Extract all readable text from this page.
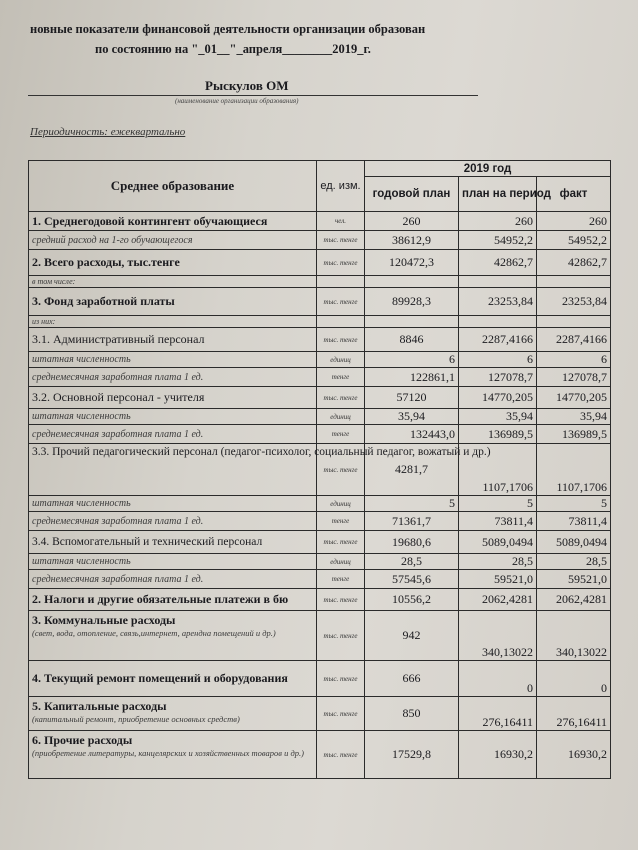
новные показатели финансовой деятельности организации образован
по состоянию на "_01__"_апреля________2019_г.
Рыскулов ОМ
(наименование организации образования)
Периодичность: ежеквартально
Среднее образование	ед. изм.	2019 год		
		годовой план	план на период	факт
1. Среднегодовой контингент обучающиеся	чел.	260	260	260
средний расход на 1-го обучающегося	тыс. тенге	38612,9	54952,2	54952,2
2. Всего расходы, тыс.тенге	тыс. тенге	120472,3	42862,7	42862,7
в том числе:				
3. Фонд заработной платы	тыс. тенге	89928,3	23253,84	23253,84
из них:				
3.1. Административный персонал	тыс. тенге	8846	2287,4166	2287,4166
штатная численность	единиц	6	6	6
среднемесячная заработная плата 1 ед.	тенге	122861,1	127078,7	127078,7
3.2. Основной персонал - учителя	тыс. тенге	57120	14770,205	14770,205
штатная численность	единиц	35,94	35,94	35,94
среднемесячная заработная плата 1 ед.	тенге	132443,0	136989,5	136989,5
3.3. Прочий педагогический персонал (педагог-психолог, социальный педагог, вожатый и др.)	тыс. тенге	4281,7	1107,1706	1107,1706
штатная численность	единиц	5	5	5
среднемесячная заработная плата 1 ед.	тенге	71361,7	73811,4	73811,4
3.4. Вспомогательный и технический персонал	тыс. тенге	19680,6	5089,0494	5089,0494
штатная численность	единиц	28,5	28,5	28,5
среднемесячная заработная плата 1 ед.	тенге	57545,6	59521,0	59521,0
2. Налоги и другие обязательные платежи в бю	тыс. тенге	10556,2	2062,4281	2062,4281
3. Коммунальные расходы
(свет, вода, отопление, связь,интернет, арендна помещений и др.)	тыс. тенге	942	340,13022	340,13022
4. Текущий ремонт помещений и оборудования	тыс. тенге	666	0	0
5. Капитальные расходы
(капитальный ремонт, приобретение основных средств)	тыс. тенге	850	276,16411	276,16411
6. Прочие расходы
(приобретение литературы, канцелярских и хозяйственных товаров и др.)	тыс. тенге	17529,8	16930,2	16930,2
